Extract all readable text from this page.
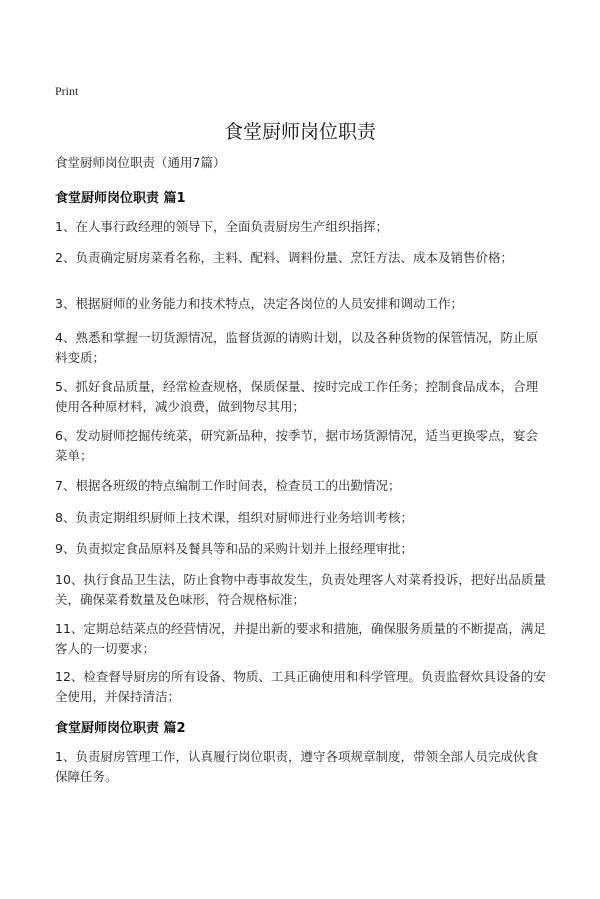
Print
食堂厨师岗位职责
食堂厨师岗位职责（通用7篇）
食堂厨师岗位职责 篇1

1、在人事行政经理的领导下，全面负责厨房生产组织指挥；

2、负责确定厨房菜肴名称，主料、配料、调料份量、烹饪方法、成本及销售价格；

3、根据厨师的业务能力和技术特点，决定各岗位的人员安排和调动工作；

4、熟悉和掌握一切货源情况，监督货源的请购计划，以及各种货物的保管情况，防止原料变质；

5、抓好食品质量，经常检查规格，保质保量、按时完成工作任务；控制食品成本，合理使用各种原材料，减少浪费，做到物尽其用；

6、发动厨师挖掘传统菜，研究新品种，按季节，据市场货源情况，适当更换零点，宴会菜单；

7、根据各班级的特点编制工作时间表，检查员工的出勤情况；

8、负责定期组织厨师上技术课，组织对厨师进行业务培训考核；

9、负责拟定食品原料及餐具等和品的采购计划并上报经理审批；

10、执行食品卫生法，防止食物中毒事故发生，负责处理客人对菜肴投诉，把好出品质量关，确保菜肴数量及色味形，符合规格标准；

11、定期总结菜点的经营情况，并提出新的要求和措施，确保服务质量的不断提高，满足客人的一切要求；

12、检查督导厨房的所有设备、物质、工具正确使用和科学管理。负责监督炊具设备的安全使用，并保持清洁；

食堂厨师岗位职责 篇2

1、负责厨房管理工作，认真履行岗位职责，遵守各项规章制度，带领全部人员完成伙食保障任务。
